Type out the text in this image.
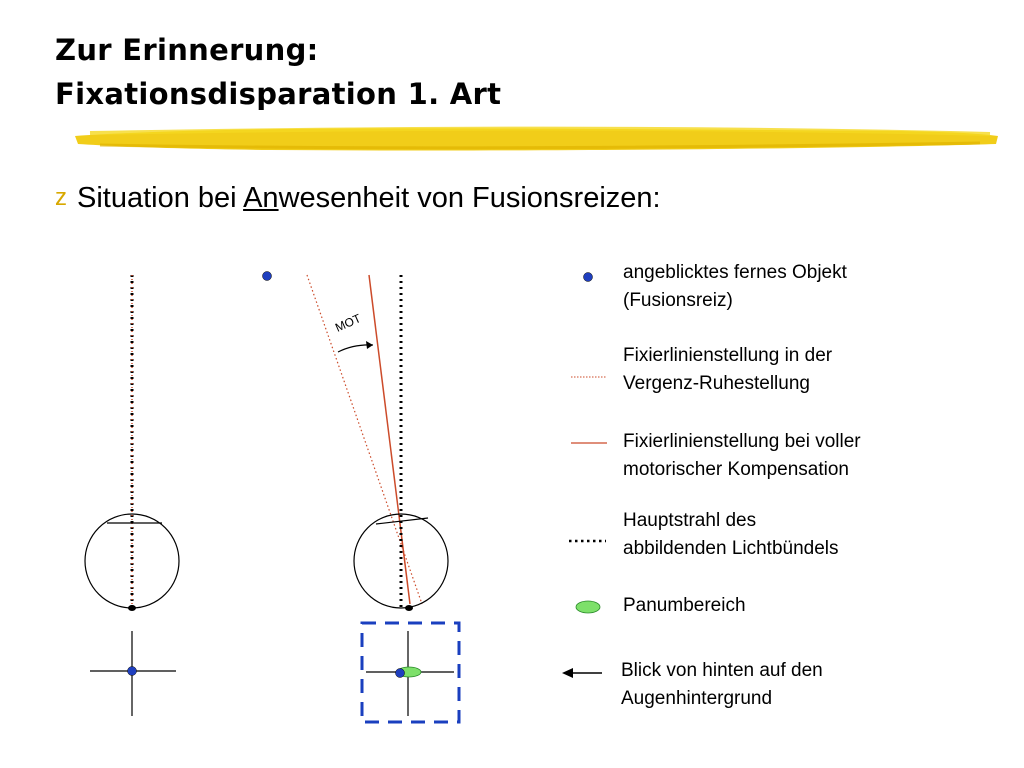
Zur Erinnerung:
Fixationsdisparation 1. Art
z Situation bei Anwesenheit von Fusionsreizen:
MOT
angeblicktes fernes Objekt
(Fusionsreiz)
Fixierlinienstellung in der
Vergenz-Ruhestellung
Fixierlinienstellung bei voller
motorischer Kompensation
Hauptstrahl des
abbildenden Lichtbündels
Panumbereich
Blick von hinten auf den
Augenhintergrund
